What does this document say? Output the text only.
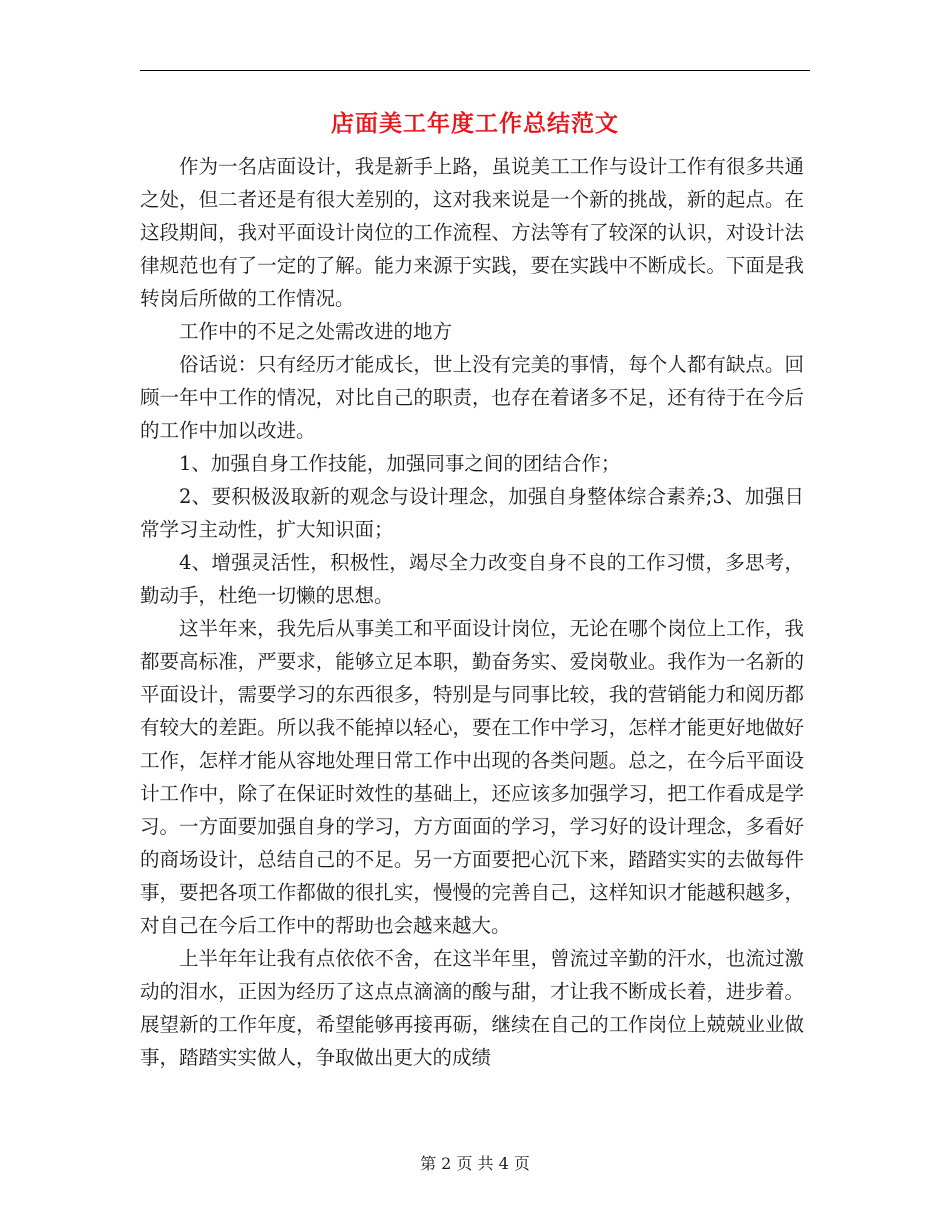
店面美工年度工作总结范文

作为一名店面设计，我是新手上路，虽说美工工作与设计工作有很多共通之处，但二者还是有很大差别的，这对我来说是一个新的挑战，新的起点。在这段期间，我对平面设计岗位的工作流程、方法等有了较深的认识，对设计法律规范也有了一定的了解。能力来源于实践，要在实践中不断成长。下面是我转岗后所做的工作情况。

工作中的不足之处需改进的地方

俗话说：只有经历才能成长，世上没有完美的事情，每个人都有缺点。回顾一年中工作的情况，对比自己的职责，也存在着诸多不足，还有待于在今后的工作中加以改进。

1、加强自身工作技能，加强同事之间的团结合作；

2、要积极汲取新的观念与设计理念，加强自身整体综合素养;3、加强日常学习主动性，扩大知识面；

4、增强灵活性，积极性，竭尽全力改变自身不良的工作习惯，多思考，勤动手，杜绝一切懒的思想。

这半年来，我先后从事美工和平面设计岗位，无论在哪个岗位上工作，我都要高标准，严要求，能够立足本职，勤奋务实、爱岗敬业。我作为一名新的平面设计，需要学习的东西很多，特别是与同事比较，我的营销能力和阅历都有较大的差距。所以我不能掉以轻心，要在工作中学习，怎样才能更好地做好工作，怎样才能从容地处理日常工作中出现的各类问题。总之，在今后平面设计工作中，除了在保证时效性的基础上，还应该多加强学习，把工作看成是学习。一方面要加强自身的学习，方方面面的学习，学习好的设计理念，多看好的商场设计，总结自己的不足。另一方面要把心沉下来，踏踏实实的去做每件事，要把各项工作都做的很扎实，慢慢的完善自己，这样知识才能越积越多，对自己在今后工作中的帮助也会越来越大。

上半年年让我有点依依不舍，在这半年里，曾流过辛勤的汗水，也流过激动的泪水，正因为经历了这点点滴滴的酸与甜，才让我不断成长着，进步着。展望新的工作年度，希望能够再接再砺，继续在自己的工作岗位上兢兢业业做事，踏踏实实做人，争取做出更大的成绩

第 2 页 共 4 页
